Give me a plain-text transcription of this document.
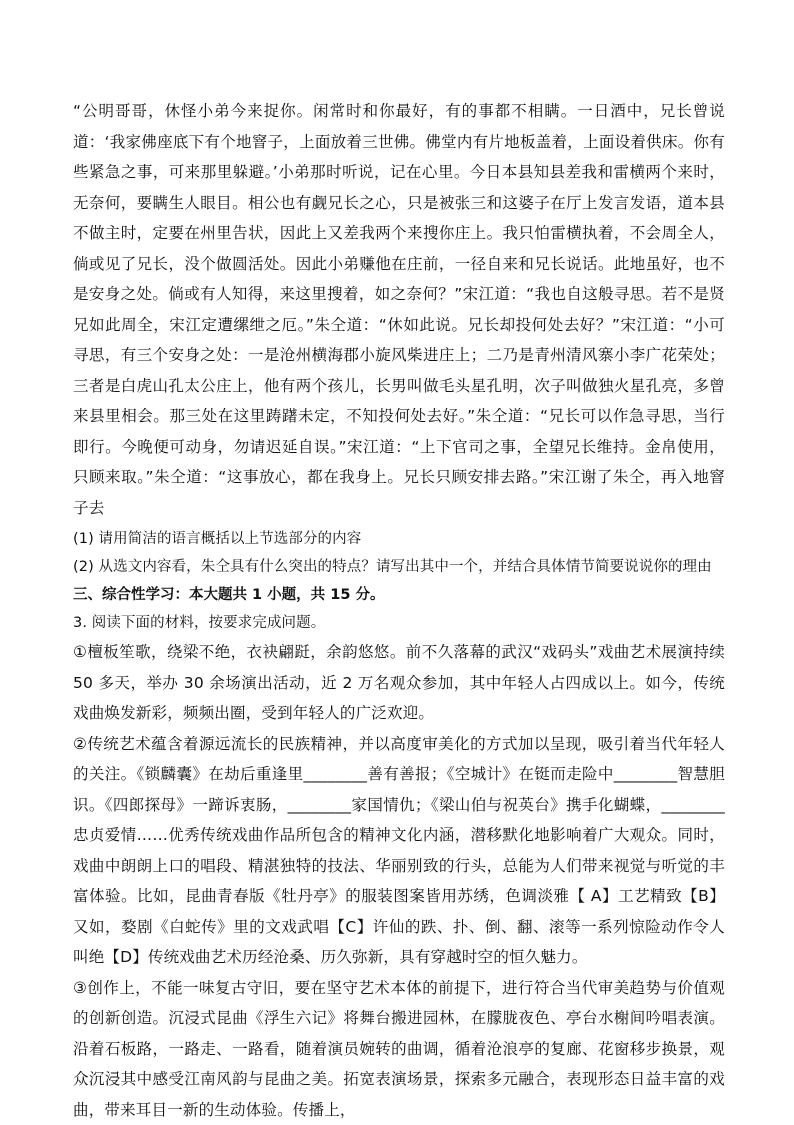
“公明哥哥，休怪小弟今来捉你。闲常时和你最好，有的事都不相瞒。一日酒中，兄长曾说道：‘我家佛座底下有个地窨子，上面放着三世佛。佛堂内有片地板盖着，上面设着供床。你有些紧急之事，可来那里躲避。’小弟那时听说，记在心里。今日本县知县差我和雷横两个来时，无奈何，要瞒生人眼目。相公也有觑兄长之心，只是被张三和这婆子在厅上发言发语，道本县不做主时，定要在州里告状，因此上又差我两个来搜你庄上。我只怕雷横执着，不会周全人，倘或见了兄长，没个做圆活处。因此小弟赚他在庄前，一径自来和兄长说话。此地虽好，也不是安身之处。倘或有人知得，来这里搜着，如之奈何？”宋江道：“我也自这般寻思。若不是贤兄如此周全，宋江定遭缧绁之厄。”朱仝道：“休如此说。兄长却投何处去好？”宋江道：“小可寻思，有三个安身之处：一是沧州横海郡小旋风柴进庄上；二乃是青州清风寨小李广花荣处；三者是白虎山孔太公庄上，他有两个孩儿，长男叫做毛头星孔明，次子叫做独火星孔亮，多曾来县里相会。那三处在这里踌躇未定，不知投何处去好。”朱仝道：“兄长可以作急寻思，当行即行。今晚便可动身，勿请迟延自误。”宋江道：“上下官司之事，全望兄长维持。金帛使用，只顾来取。”朱仝道：“这事放心，都在我身上。兄长只顾安排去路。”宋江谢了朱仝，再入地窨子去

(1) 请用简洁的语言概括以上节选部分的内容

(2) 从选文内容看，朱仝具有什么突出的特点？请写出其中一个，并结合具体情节简要说说你的理由

三、综合性学习：本大题共 1 小题，共 15 分。

3. 阅读下面的材料，按要求完成问题。

①檀板笙歌，绕梁不绝，衣袂翩跹，余韵悠悠。前不久落幕的武汉“戏码头”戏曲艺术展演持续 50 多天，举办 30 余场演出活动，近 2 万名观众参加，其中年轻人占四成以上。如今，传统戏曲焕发新彩，频频出圈，受到年轻人的广泛欢迎。

②传统艺术蕴含着源远流长的民族精神，并以高度审美化的方式加以呈现，吸引着当代年轻人的关注。《锁麟囊》在劫后重逢里________善有善报；《空城计》在铤而走险中________智慧胆识。《四郎探母》一蹄诉衷肠，________家国情仇；《梁山伯与祝英台》携手化蝴蝶，________忠贞爱情……优秀传统戏曲作品所包含的精神文化内涵，潜移默化地影响着广大观众。同时，戏曲中朗朗上口的唱段、精湛独特的技法、华丽别致的行头，总能为人们带来视觉与听觉的丰富体验。比如，昆曲青春版《牡丹亭》的服装图案皆用苏绣，色调淡雅【 A】工艺精致【B】又如，婺剧《白蛇传》里的文戏武唱【C】许仙的跌、扑、倒、翻、滚等一系列惊险动作令人叫绝【D】传统戏曲艺术历经沧桑、历久弥新，具有穿越时空的恒久魅力。

③创作上，不能一味复古守旧，要在坚守艺术本体的前提下，进行符合当代审美趋势与价值观的创新创造。沉浸式昆曲《浮生六记》将舞台搬进园林，在朦胧夜色、亭台水榭间吟唱表演。沿着石板路，一路走、一路看，随着演员婉转的曲调，循着沧浪亭的复廊、花窗移步换景，观众沉浸其中感受江南风韵与昆曲之美。拓宽表演场景，探索多元融合，表现形态日益丰富的戏曲，带来耳目一新的生动体验。传播上，
